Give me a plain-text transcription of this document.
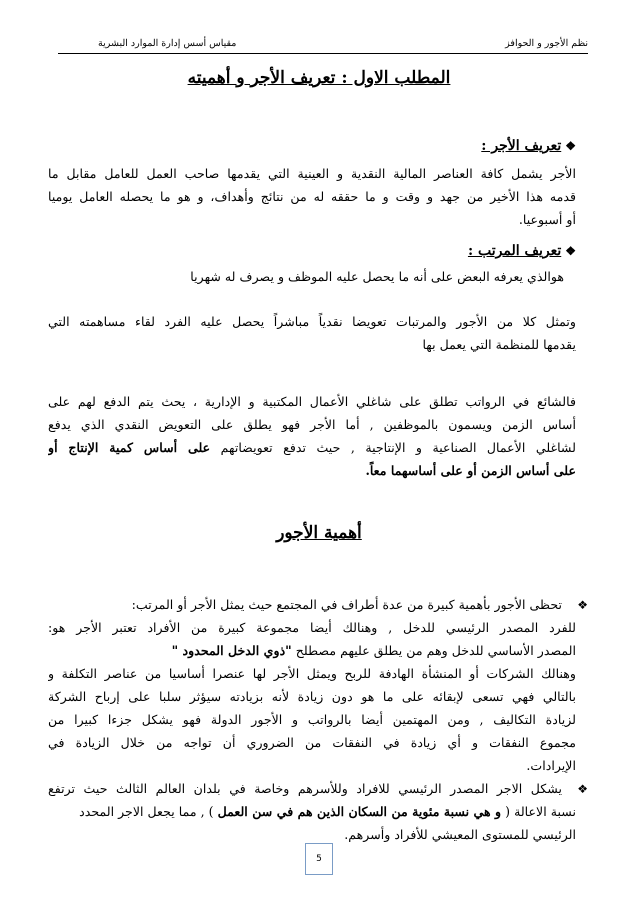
نظم الأجور و الحوافز
مقياس أسس إدارة الموارد البشرية
المطلب الاول : تعريف الأجر و أهميته
❖تعريف الأجر :
الأجر يشمل كافة العناصر المالية النقدية و العينية التي يقدمها صاحب العمل للعامل مقابل ما
قدمه هذا الأخير من جهد و وقت و ما حققه له من نتائج وأهداف، و هو ما يحصله العامل يوميا
أو أسبوعيا.
❖تعريف المرتب :
هوالذي يعرفه البعض على أنه ما يحصل عليه الموظف و يصرف له شهريا
وتمثل كلا من الأجور والمرتبات تعويضا نقدياً مباشراً يحصل عليه الفرد لقاء مساهمته التي
يقدمها للمنظمة التي يعمل بها
فالشائع في الرواتب تطلق على شاغلي الأعمال المكتبية و الإدارية ، يحث يتم الدفع لهم على
أساس الزمن ويسمون بالموظفين , أما الأجر فهو يطلق على التعويض النقدي الذي يدفع
لشاغلي الأعمال الصناعية و الإنتاجية , حيث تدفع تعويضاتهم على أساس كمية الإنتاج أو
على أساس الزمن أو على أساسهما معاً.
أهمية الأجور
❖
تحظى الأجور بأهمية كبيرة من عدة أطراف في المجتمع حيث يمثل الأجر أو المرتب:
للفرد المصدر الرئيسي للدخل , وهنالك أيضا مجموعة كبيرة من الأفراد تعتبر الأجر هو:
المصدر الأساسي للدخل وهم من يطلق عليهم مصطلح "ذوي الدخل المحدود "
وهنالك الشركات أو المنشأة الهادفة للربح ويمثل الأجر لها عنصرا أساسيا من عناصر التكلفة و
بالتالي فهي تسعى لإبقائه على ما هو دون زيادة لأنه بزيادته سيؤثر سلبا على إرباح الشركة
لزيادة التكاليف , ومن المهتمين أيضا بالرواتب و الأجور الدولة فهو يشكل جزءا كبيرا من
مجموع النفقات و أي زيادة في النفقات من الضروري أن تواجه من خلال الزيادة في
الإيرادات.
❖
يشكل الاجر المصدر الرئيسي للافراد وللأسرهم وخاصة في بلدان العالم الثالث حيث ترتفع
نسبة الاعالة ( و هي نسبة مئوية من السكان الذين هم في سن العمل ) , مما يجعل الاجر المحدد
الرئيسي للمستوى المعيشي للأفراد وأسرهم.
5
